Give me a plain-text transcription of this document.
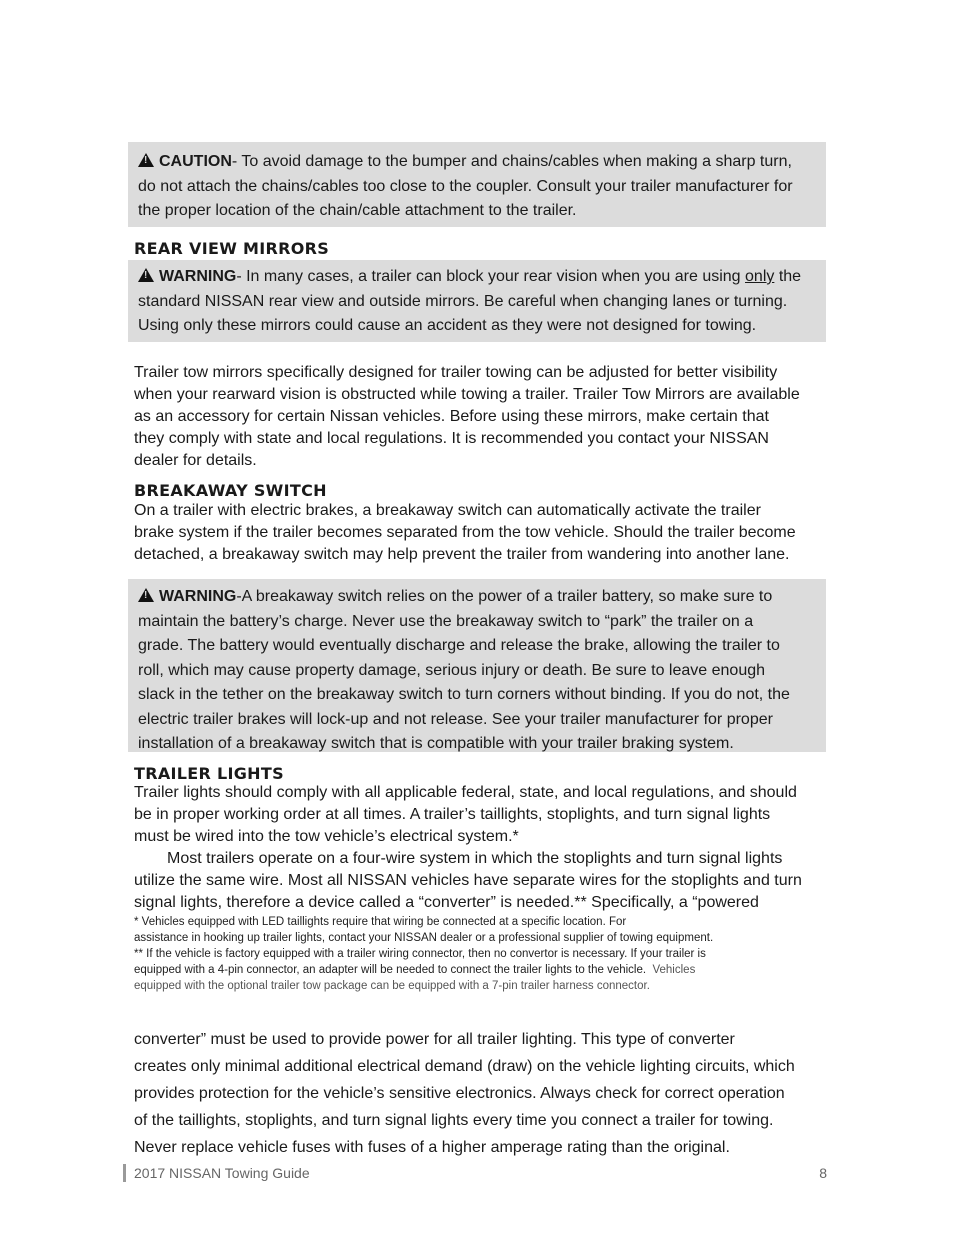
!CAUTION- To avoid damage to the bumper and chains/cables when making a sharp turn,
do not attach the chains/cables too close to the coupler. Consult your trailer manufacturer for
the proper location of the chain/cable attachment to the trailer.
REAR VIEW MIRRORS
!WARNING- In many cases, a trailer can block your rear vision when you are using only the
standard NISSAN rear view and outside mirrors. Be careful when changing lanes or turning.
Using only these mirrors could cause an accident as they were not designed for towing.

Trailer tow mirrors specifically designed for trailer towing can be adjusted for better visibility

when your rearward vision is obstructed while towing a trailer. Trailer Tow Mirrors are available

as an accessory for certain Nissan vehicles. Before using these mirrors, make certain that

they comply with state and local regulations. It is recommended you contact your NISSAN

dealer for details.

BREAKAWAY SWITCH

On a trailer with electric brakes, a breakaway switch can automatically activate the trailer

brake system if the trailer becomes separated from the tow vehicle. Should the trailer become

detached, a breakaway switch may help prevent the trailer from wandering into another lane.

!WARNING-A breakaway switch relies on the power of a trailer battery, so make sure to
maintain the battery’s charge. Never use the breakaway switch to “park” the trailer on a
grade. The battery would eventually discharge and release the brake, allowing the trailer to
roll, which may cause property damage, serious injury or death. Be sure to leave enough
slack in the tether on the breakaway switch to turn corners without binding. If you do not, the
electric trailer brakes will lock-up and not release. See your trailer manufacturer for proper
installation of a breakaway switch that is compatible with your trailer braking system.
TRAILER LIGHTS

Trailer lights should comply with all applicable federal, state, and local regulations, and should

be in proper working order at all times. A trailer’s taillights, stoplights, and turn signal lights

must be wired into the tow vehicle’s electrical system.*

Most trailers operate on a four-wire system in which the stoplights and turn signal lights

utilize the same wire. Most all NISSAN vehicles have separate wires for the stoplights and turn

signal lights, therefore a device called a “converter” is needed.** Specifically, a “powered

* Vehicles equipped with LED taillights require that wiring be connected at a specific location. For

assistance in hooking up trailer lights, contact your NISSAN dealer or a professional supplier of towing equipment.

** If the vehicle is factory equipped with a trailer wiring connector, then no convertor is necessary. If your trailer is

equipped with a 4-pin connector, an adapter will be needed to connect the trailer lights to the vehicle. Vehicles

equipped with the optional trailer tow package can be equipped with a 7-pin trailer harness connector.

converter” must be used to provide power for all trailer lighting. This type of converter

creates only minimal additional electrical demand (draw) on the vehicle lighting circuits, which

provides protection for the vehicle’s sensitive electronics. Always check for correct operation

of the taillights, stoplights, and turn signal lights every time you connect a trailer for towing.

Never replace vehicle fuses with fuses of a higher amperage rating than the original.

2017 NISSAN Towing Guide	8
